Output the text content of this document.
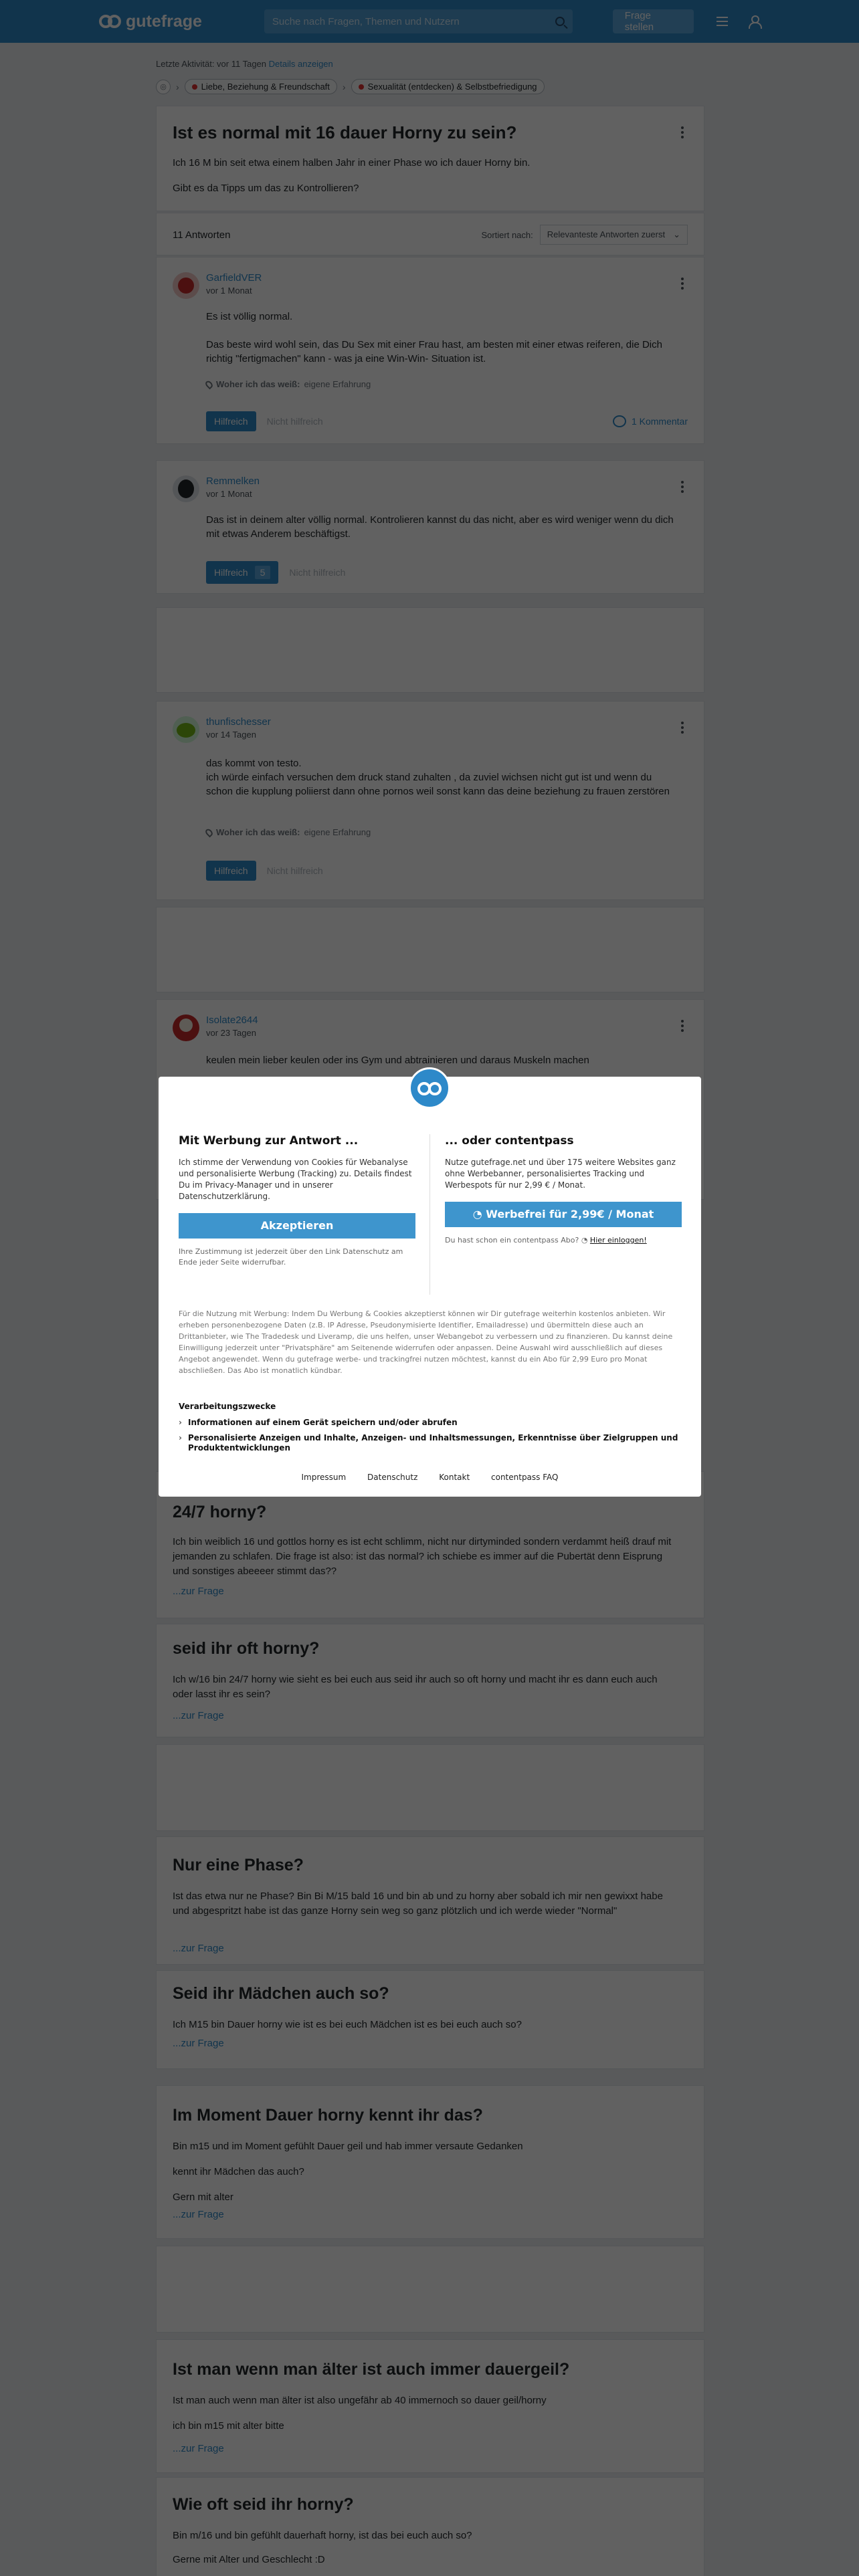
Mit Werbung zur Antwort ...

Ich stimme der Verwendung von Cookies für Webanalyse und personalisierte Werbung (Tracking) zu. Details findest Du im Privacy-Manager und in unserer Datenschutzerklärung.

Akzeptieren
Ihre Zustimmung ist jederzeit über den Link Datenschutz am Ende jeder Seite widerrufbar.
... oder contentpass

Nutze gutefrage.net und über 175 weitere Websites ganz ohne Werbebanner, personalisiertes Tracking und Werbespots für nur 2,99 € / Monat.

◔ Werbefrei für 2,99€ / Monat
Du hast schon ein contentpass Abo? ◔ Hier einloggen!
Für die Nutzung mit Werbung: Indem Du Werbung & Cookies akzeptierst können wir Dir gutefrage weiterhin kostenlos anbieten. Wir erheben personenbezogene Daten (z.B. IP Adresse, Pseudonymisierte Identifier, Emailadresse) und übermitteln diese auch an Drittanbieter, wie The Tradedesk und Liveramp, die uns helfen, unser Webangebot zu verbessern und zu finanzieren. Du kannst deine Einwilligung jederzeit unter "Privatsphäre" am Seitenende widerrufen oder anpassen. Deine Auswahl wird ausschließlich auf dieses Angebot angewendet. Wenn du gutefrage werbe- und trackingfrei nutzen möchtest, kannst du ein Abo für 2,99 Euro pro Monat abschließen. Das Abo ist monatlich kündbar.
Verarbeitungszwecke
› Informationen auf einem Gerät speichern und/oder abrufen
› Personalisierte Anzeigen und Inhalte, Anzeigen- und Inhaltsmessungen, Erkenntnisse über Zielgruppen und Produktentwicklungen
Impressum	Datenschutz	Kontakt	contentpass FAQ
